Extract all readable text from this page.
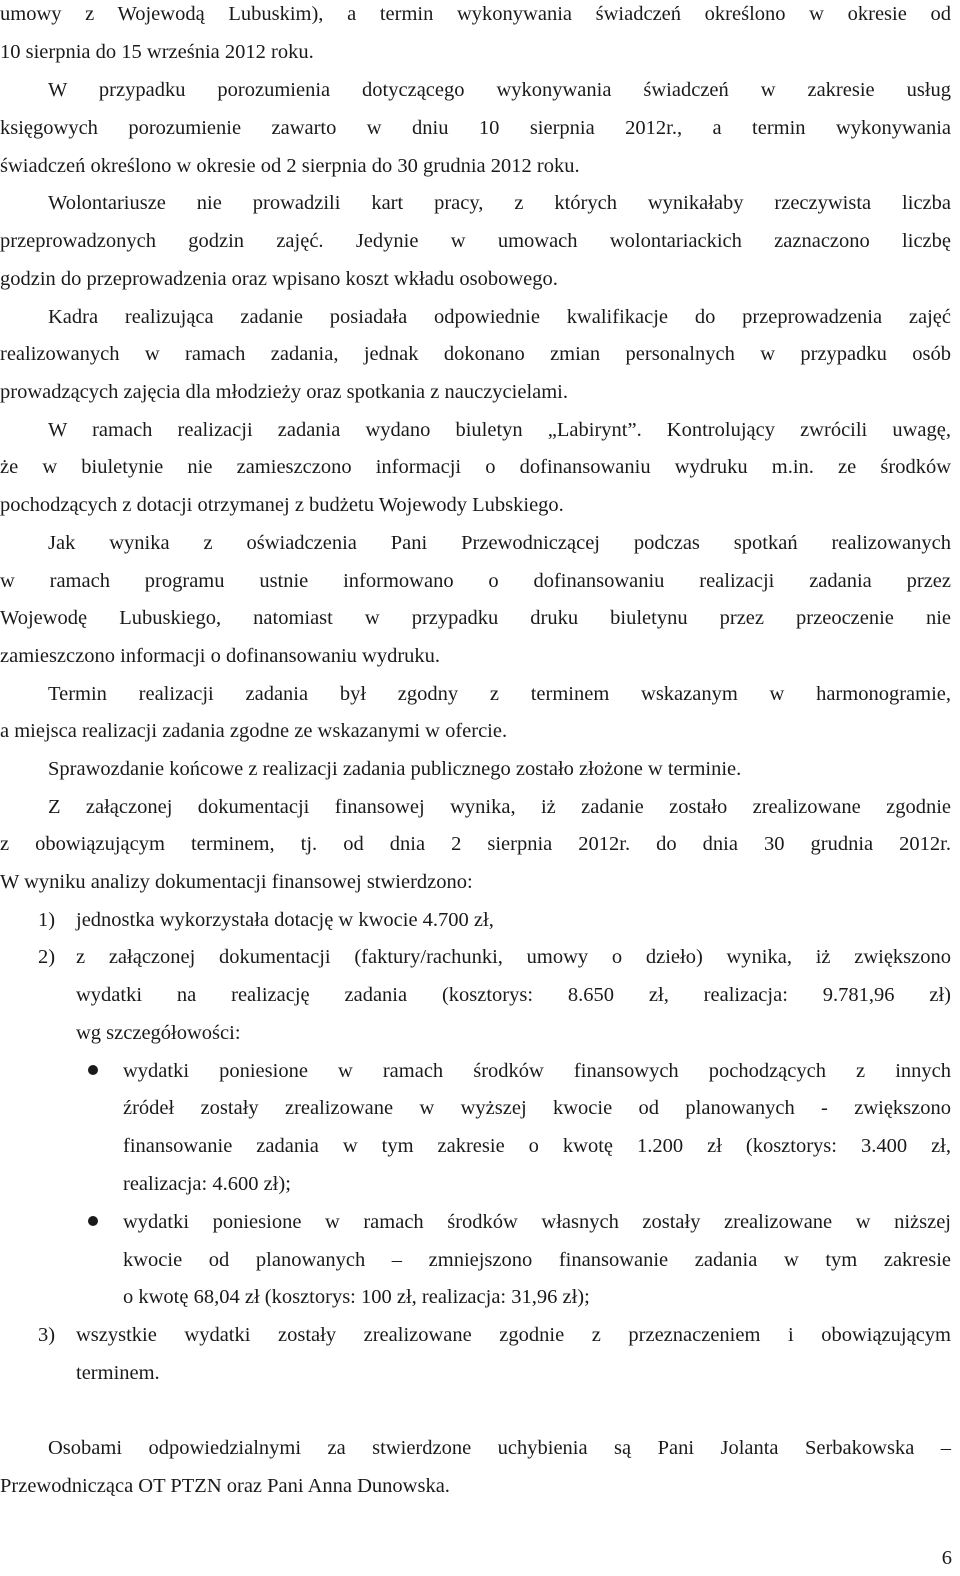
umowy z Wojewodą Lubuskim), a termin wykonywania świadczeń określono w okresie od
10 sierpnia do 15 września 2012 roku.
W przypadku porozumienia dotyczącego wykonywania świadczeń w zakresie usług
księgowych porozumienie zawarto w dniu 10 sierpnia 2012r., a termin wykonywania
świadczeń określono w okresie od 2 sierpnia do 30 grudnia 2012 roku.
Wolontariusze nie prowadzili kart pracy, z których wynikałaby rzeczywista liczba
przeprowadzonych godzin zajęć. Jedynie w umowach wolontariackich zaznaczono liczbę
godzin do przeprowadzenia oraz wpisano koszt wkładu osobowego.
Kadra realizująca zadanie posiadała odpowiednie kwalifikacje do przeprowadzenia zajęć
realizowanych w ramach zadania, jednak dokonano zmian personalnych w przypadku osób
prowadzących zajęcia dla młodzieży oraz spotkania z nauczycielami.
W ramach realizacji zadania wydano biuletyn „Labirynt”. Kontrolujący zwrócili uwagę,
że w biuletynie nie zamieszczono informacji o dofinansowaniu wydruku m.in. ze środków
pochodzących z dotacji otrzymanej z budżetu Wojewody Lubskiego.
Jak wynika z oświadczenia Pani Przewodniczącej podczas spotkań realizowanych
w ramach programu ustnie informowano o dofinansowaniu realizacji zadania przez
Wojewodę Lubuskiego, natomiast w przypadku druku biuletynu przez przeoczenie nie
zamieszczono informacji o dofinansowaniu wydruku.
Termin realizacji zadania był zgodny z terminem wskazanym w harmonogramie,
a miejsca realizacji zadania zgodne ze wskazanymi w ofercie.
Sprawozdanie końcowe z realizacji zadania publicznego zostało złożone w terminie.
Z załączonej dokumentacji finansowej wynika, iż zadanie zostało zrealizowane zgodnie
z obowiązującym terminem, tj. od dnia 2 sierpnia 2012r. do dnia 30 grudnia 2012r.
W wyniku analizy dokumentacji finansowej stwierdzono:
1) jednostka wykorzystała dotację w kwocie 4.700 zł,
2) z załączonej dokumentacji (faktury/rachunki, umowy o dzieło) wynika, iż zwiększono
wydatki na realizację zadania (kosztorys: 8.650 zł, realizacja: 9.781,96 zł)
wg szczegółowości:
wydatki poniesione w ramach środków finansowych pochodzących z innych
źródeł zostały zrealizowane w wyższej kwocie od planowanych - zwiększono
finansowanie zadania w tym zakresie o kwotę 1.200 zł (kosztorys: 3.400 zł,
realizacja: 4.600 zł);
wydatki poniesione w ramach środków własnych zostały zrealizowane w niższej
kwocie od planowanych – zmniejszono finansowanie zadania w tym zakresie
o kwotę 68,04 zł (kosztorys: 100 zł, realizacja: 31,96 zł);
3) wszystkie wydatki zostały zrealizowane zgodnie z przeznaczeniem i obowiązującym
terminem.
Osobami odpowiedzialnymi za stwierdzone uchybienia są Pani Jolanta Serbakowska –
Przewodnicząca OT PTZN oraz Pani Anna Dunowska.
6
